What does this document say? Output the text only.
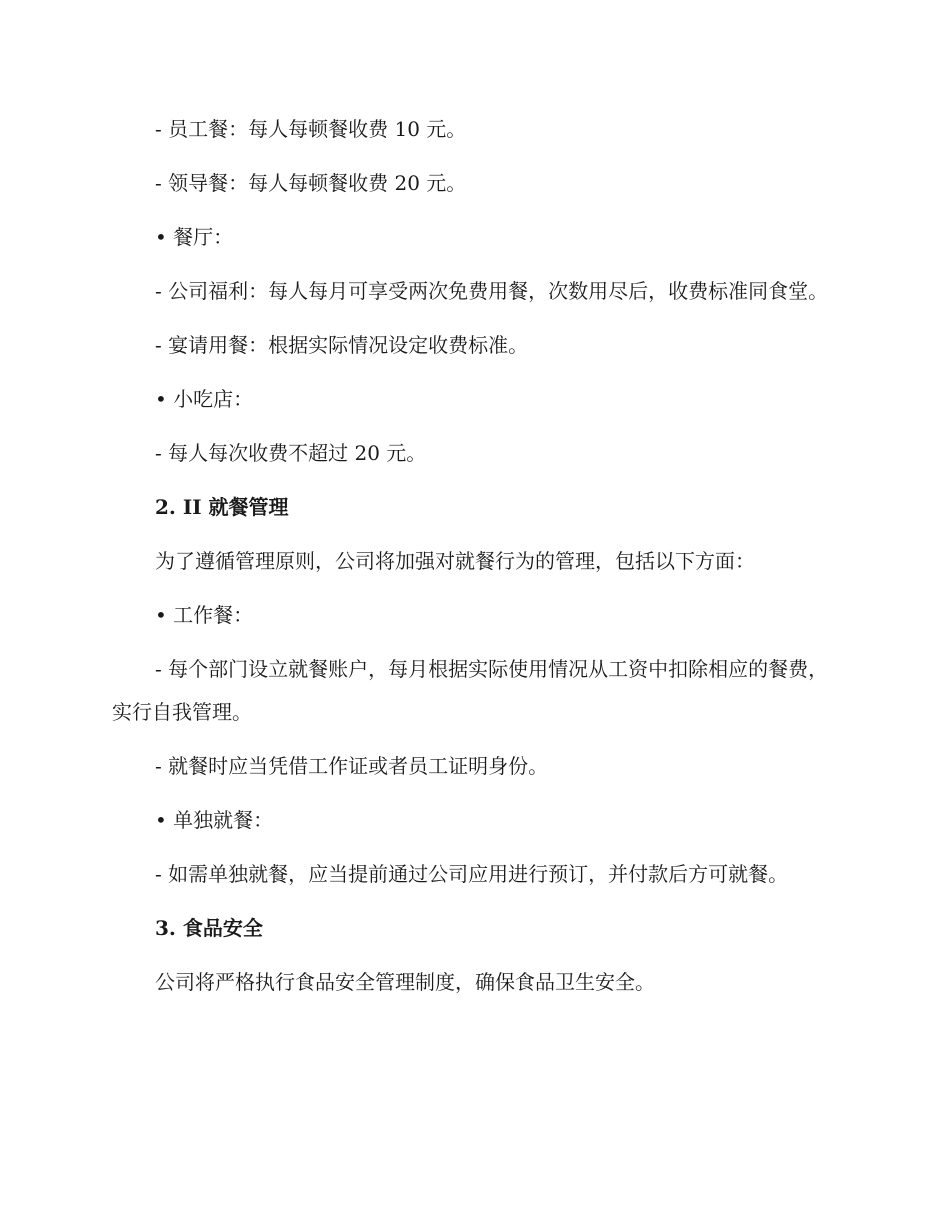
- 员工餐：每人每顿餐收费 10 元。

- 领导餐：每人每顿餐收费 20 元。

• 餐厅：

- 公司福利：每人每月可享受两次免费用餐，次数用尽后，收费标准同食堂。

- 宴请用餐：根据实际情况设定收费标准。

• 小吃店：

- 每人每次收费不超过 20 元。

2. II 就餐管理

为了遵循管理原则，公司将加强对就餐行为的管理，包括以下方面：

• 工作餐：

- 每个部门设立就餐账户，每月根据实际使用情况从工资中扣除相应的餐费，实行自我管理。

- 就餐时应当凭借工作证或者员工证明身份。

• 单独就餐：

- 如需单独就餐，应当提前通过公司应用进行预订，并付款后方可就餐。

3. 食品安全

公司将严格执行食品安全管理制度，确保食品卫生安全。
